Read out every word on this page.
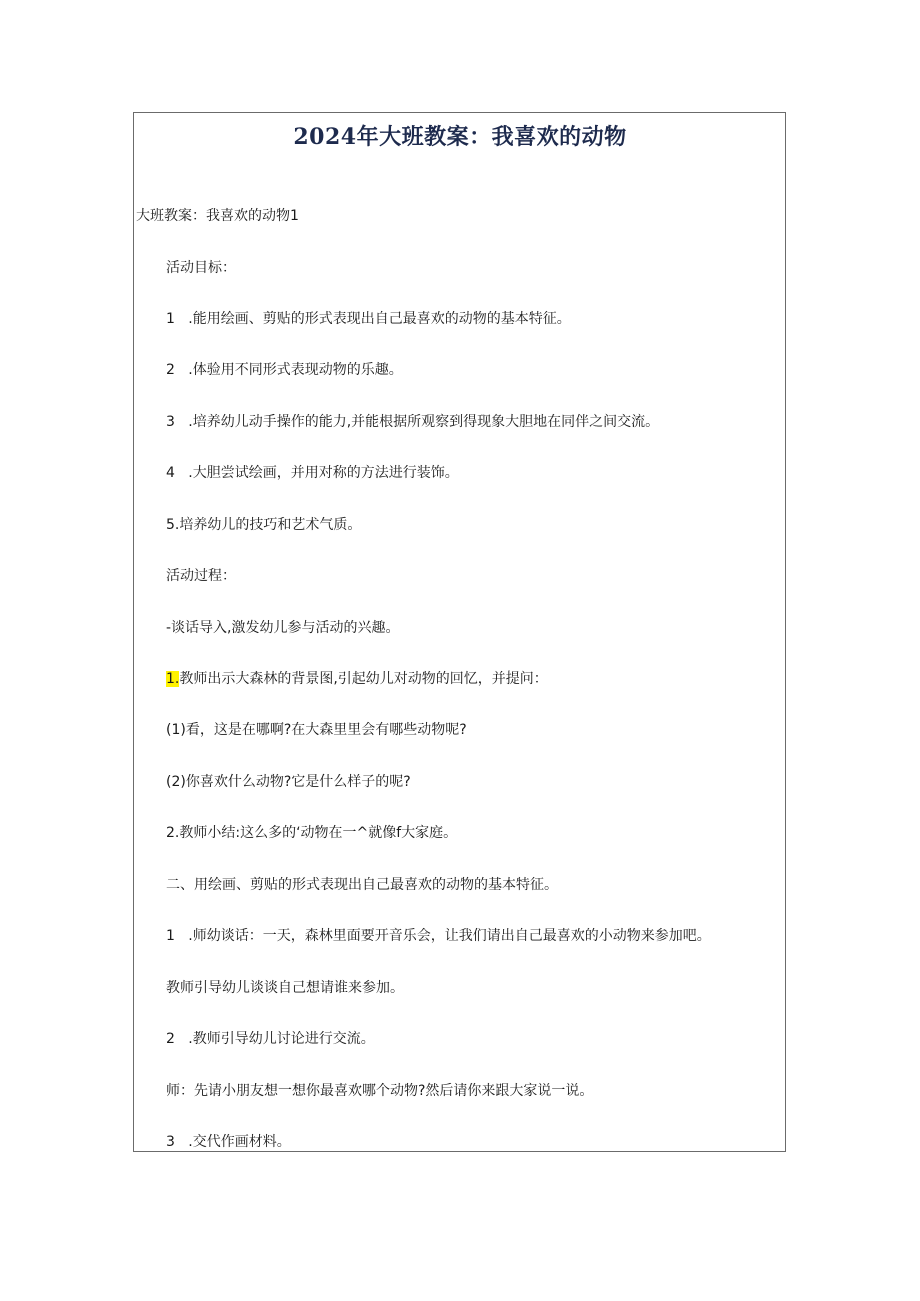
2024年大班教案：我喜欢的动物
大班教案：我喜欢的动物1
活动目标：
1   .能用绘画、剪贴的形式表现出自己最喜欢的动物的基本特征。
2   .体验用不同形式表现动物的乐趣。
3   .培养幼儿动手操作的能力,并能根据所观察到得现象大胆地在同伴之间交流。
4   .大胆尝试绘画，并用对称的方法进行装饰。
5.培养幼儿的技巧和艺术气质。
活动过程：
-谈话导入,激发幼儿参与活动的兴趣。
1.教师出示大森林的背景图,引起幼儿对动物的回忆，并提问：
(1)看，这是在哪啊?在大森里里会有哪些动物呢?
(2)你喜欢什么动物?它是什么样子的呢?
2.教师小结:这么多的‘动物在一^就像f大家庭。
二、用绘画、剪贴的形式表现出自己最喜欢的动物的基本特征。
1   .师幼谈话：一天，森林里面要开音乐会，让我们请出自己最喜欢的小动物来参加吧。
教师引导幼儿谈谈自己想请谁来参加。
2   .教师引导幼儿讨论进行交流。
师：先请小朋友想一想你最喜欢哪个动物?然后请你来跟大家说一说。
3   .交代作画材料。
